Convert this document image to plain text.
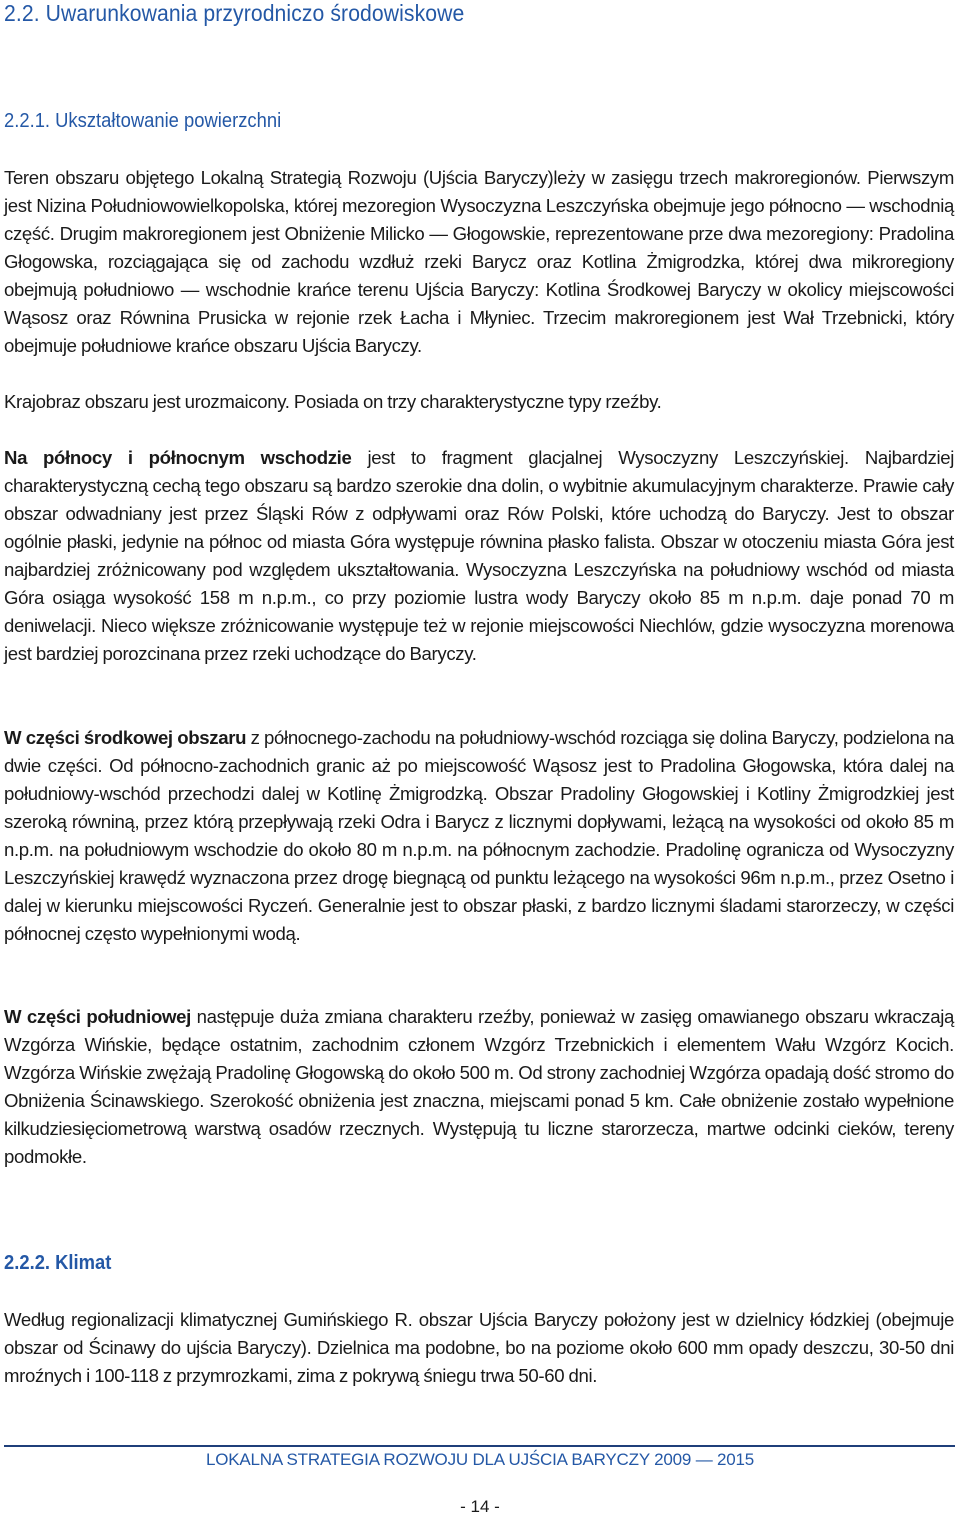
2.2. Uwarunkowania przyrodniczo środowiskowe
2.2.1. Ukształtowanie powierzchni

Teren obszaru objętego Lokalną Strategią Rozwoju (Ujścia Baryczy)leży w zasięgu trzech makroregionów. Pierwszym jest Nizina Południowowielkopolska, której mezoregion Wysoczyzna Leszczyńska obejmuje jego północno — wschodnią część. Drugim makroregionem jest Obniżenie Milicko — Głogowskie, reprezentowane prze dwa mezoregiony: Pradolina Głogowska, rozciągająca się od zachodu wzdłuż rzeki Barycz oraz Kotlina Żmigrodzka, której dwa mikroregiony obejmują południowo — wschodnie krańce terenu Ujścia Baryczy: Kotlina Środkowej Baryczy w okolicy miejscowości Wąsosz oraz Równina Prusicka w rejonie rzek Łacha i Młyniec. Trzecim makroregionem jest Wał Trzebnicki, który obejmuje południowe krańce obszaru Ujścia Baryczy.

Krajobraz obszaru jest urozmaicony. Posiada on trzy charakterystyczne typy rzeźby.

Na północy i północnym wschodzie jest to fragment glacjalnej Wysoczyzny Leszczyńskiej. Najbardziej charakterystyczną cechą tego obszaru są bardzo szerokie dna dolin, o wybitnie akumulacyjnym charakterze. Prawie cały obszar odwadniany jest przez Śląski Rów z odpływami oraz Rów Polski, które uchodzą do Baryczy. Jest to obszar ogólnie płaski, jedynie na północ od miasta Góra występuje równina płasko falista. Obszar w otoczeniu miasta Góra jest najbardziej zróżnicowany pod względem ukształtowania. Wysoczyzna Leszczyńska na południowy wschód od miasta Góra osiąga wysokość 158 m n.p.m., co przy poziomie lustra wody Baryczy około 85 m n.p.m. daje ponad 70 m deniwelacji. Nieco większe zróżnicowanie występuje też w rejonie miejscowości Niechlów, gdzie wysoczyzna morenowa jest bardziej porozcinana przez rzeki uchodzące do Baryczy.

W części środkowej obszaru z północnego-zachodu na południowy-wschód rozciąga się dolina Baryczy, podzielona na dwie części. Od północno-zachodnich granic aż po miejscowość Wąsosz jest to Pradolina Głogowska, która dalej na południowy-wschód przechodzi dalej w Kotlinę Żmigrodzką. Obszar Pradoliny Głogowskiej i Kotliny Żmigrodzkiej jest szeroką równiną, przez którą przepływają rzeki Odra i Barycz z licznymi dopływami, leżącą na wysokości od około 85 m n.p.m. na południowym wschodzie do około 80 m n.p.m. na północnym zachodzie. Pradolinę ogranicza od Wysoczyzny Leszczyńskiej krawędź wyznaczona przez drogę biegnącą od punktu leżącego na wysokości 96m n.p.m., przez Osetno i dalej w kierunku miejscowości Ryczeń. Generalnie jest to obszar płaski, z bardzo licznymi śladami starorzeczy, w części północnej często wypełnionymi wodą.

W części południowej następuje duża zmiana charakteru rzeźby, ponieważ w zasięg omawianego obszaru wkraczają Wzgórza Wińskie, będące ostatnim, zachodnim członem Wzgórz Trzebnickich i elementem Wału Wzgórz Kocich. Wzgórza Wińskie zwężają Pradolinę Głogowską do około 500 m. Od strony zachodniej Wzgórza opadają dość stromo do Obniżenia Ścinawskiego. Szerokość obniżenia jest znaczna, miejscami ponad 5 km. Całe obniżenie zostało wypełnione kilkudziesięciometrową warstwą osadów rzecznych. Występują tu liczne starorzecza, martwe odcinki cieków, tereny podmokłe.

2.2.2. Klimat

Według regionalizacji klimatycznej Gumińskiego R. obszar Ujścia Baryczy położony jest w dzielnicy łódzkiej (obejmuje obszar od Ścinawy do ujścia Baryczy). Dzielnica ma podobne, bo na poziome około 600 mm opady deszczu, 30-50 dni mroźnych i 100-118 z przymrozkami, zima z pokrywą śniegu trwa 50-60 dni.

LOKALNA STRATEGIA ROZWOJU DLA UJŚCIA BARYCZY 2009 — 2015
- 14 -
